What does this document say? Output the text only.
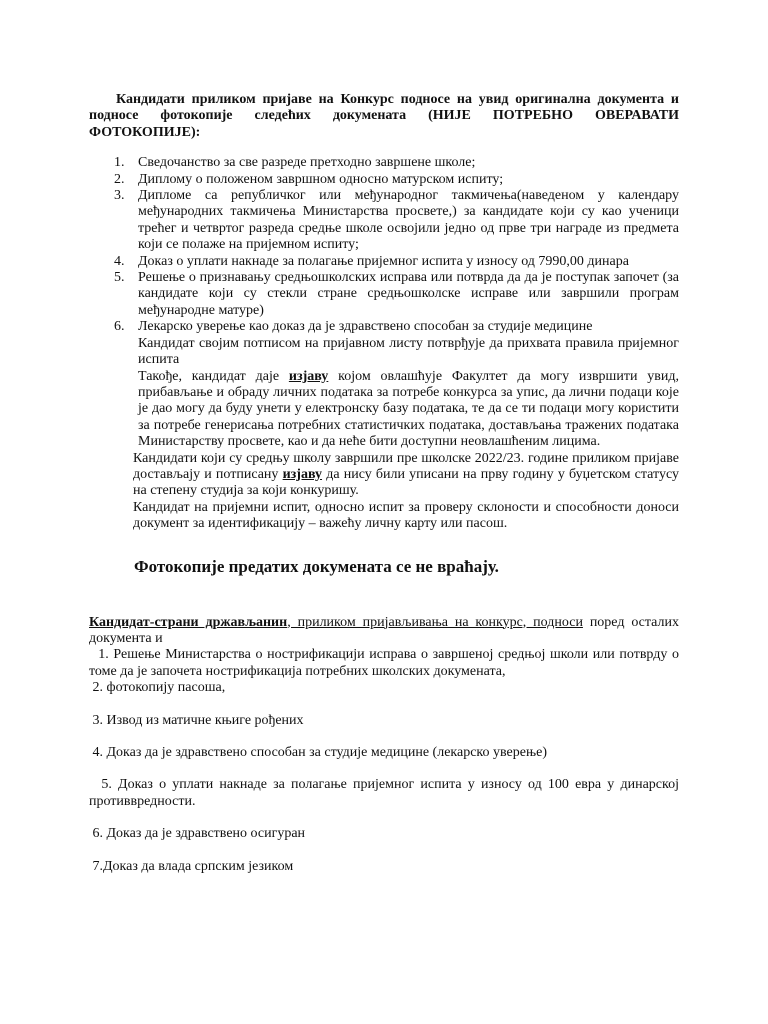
Кандидати приликом пријаве на Конкурс подносе на увид оригинална документа и подносе фотокопије следећих докумената (НИЈЕ ПОТРЕБНО ОВЕРАВАТИ ФОТОКОПИЈЕ):

1. Сведочанство за све разреде претходно завршене школе;
2. Диплому о положеном завршном односно матурском испиту;
3. Дипломе са републичког или међународног такмичења(наведеном у календару међународних такмичења Министарства просвете,) за кандидате који су као ученици трећег и четвртог разреда средње школе освојили једно од прве три награде из предмета који се полаже на пријемном испиту;
4. Доказ о уплати накнаде за полагање пријемног испита у износу од 7990,00 динара
5. Решење о признавању средњошколских исправа или потврда да да је поступак започет (за кандидате који су стекли стране средњошколске исправе или завршили програм међународне матуре)
6. Лекарско уверење као доказ да је здравствено способан за студије медицине

Кандидат својим потписом на пријавном листу потврђује да прихвата правила пријемног испита

Такође, кандидат даје изјаву којом овлашћује Факултет да могу извршити увид, прибављање и обраду личних података за потребе конкурса за упис, да лични подаци које је дао могу да буду унети у електронску базу података, те да се ти подаци могу користити за потребе генерисања потребних статистичких података, достављања тражених података Министарству просвете, као и да неће бити доступни неовлашћеним лицима.

Кандидати који су средњу школу завршили пре школске 2022/23. године приликом пријаве достављају и потписану изјаву да нису били уписани на прву годину у буџетском статусу на степену студија за који конкуришу.

Кандидат на пријемни испит, односно испит за проверу склоности и способности доноси документ за идентификацију – важећу личну карту или пасош.

Фотокопије предатих докумената се не враћају.

Кандидат-страни држављанин, приликом пријављивања на конкурс, подноси поред осталих документа и

1. Решење Министарства о нострификацији исправа о завршеној средњој школи или потврду о томе да је започета нострификација потребних школских докумената,

2. фотокопију пасоша,

3. Извод из матичне књиге рођених

4. Доказ да је здравствено способан за студије медицине (лекарско уверење)

5. Доказ о уплати накнаде за полагање пријемног испита у износу од 100 евра у динарској противвредности.

6. Доказ да је здравствено осигуран

7.Доказ да влада српским језиком
